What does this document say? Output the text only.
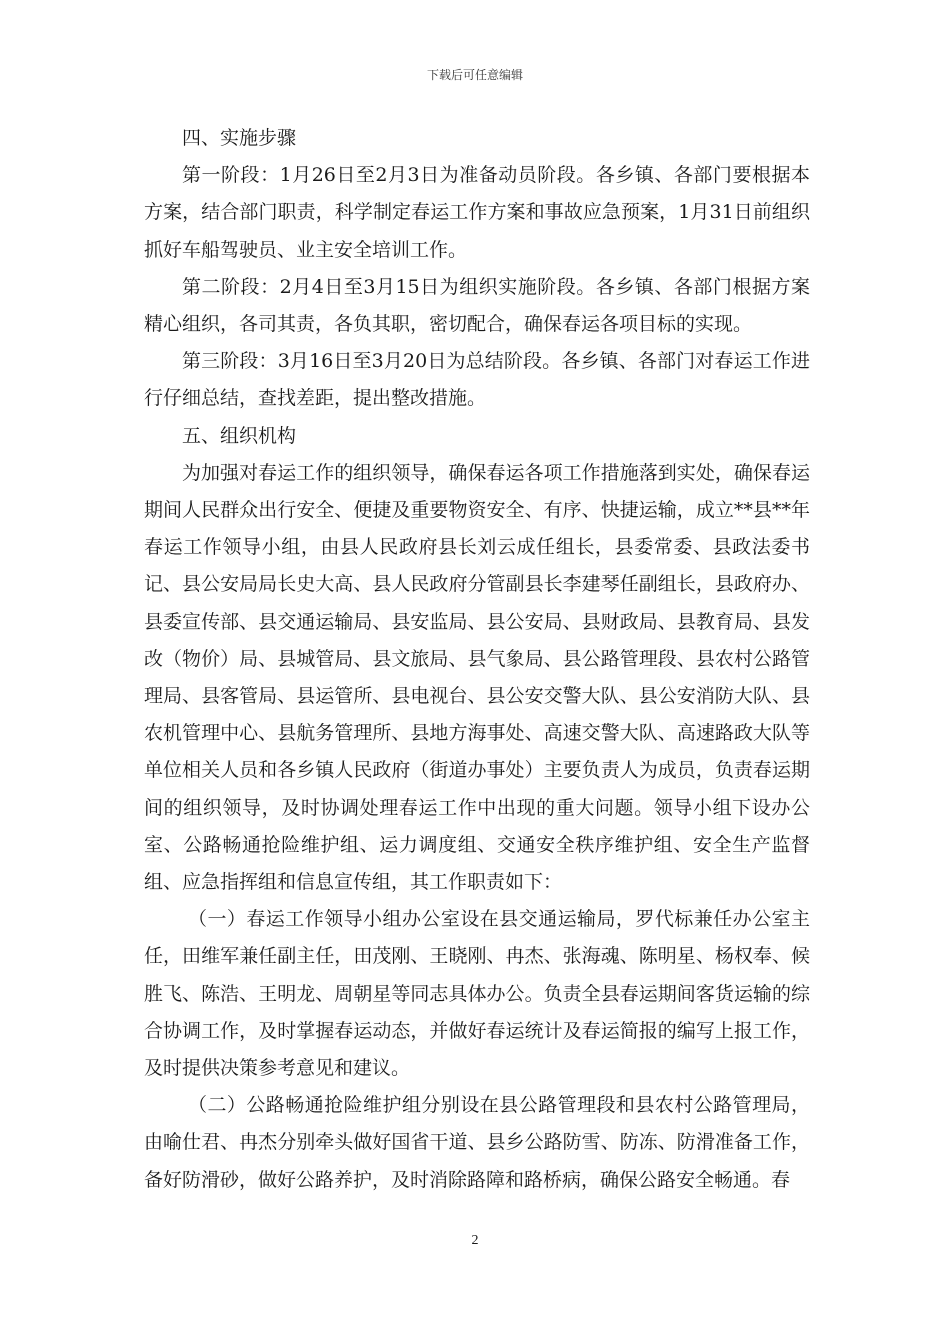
下载后可任意编辑

四、实施步骤

第一阶段：1月26日至2月3日为准备动员阶段。各乡镇、各部门要根据本方案，结合部门职责，科学制定春运工作方案和事故应急预案，1月31日前组织抓好车船驾驶员、业主安全培训工作。

第二阶段：2月4日至3月15日为组织实施阶段。各乡镇、各部门根据方案精心组织，各司其责，各负其职，密切配合，确保春运各项目标的实现。

第三阶段：3月16日至3月20日为总结阶段。各乡镇、各部门对春运工作进行仔细总结，查找差距，提出整改措施。

五、组织机构

为加强对春运工作的组织领导，确保春运各项工作措施落到实处，确保春运期间人民群众出行安全、便捷及重要物资安全、有序、快捷运输，成立**县**年春运工作领导小组，由县人民政府县长刘云成任组长，县委常委、县政法委书记、县公安局局长史大高、县人民政府分管副县长李建琴任副组长，县政府办、县委宣传部、县交通运输局、县安监局、县公安局、县财政局、县教育局、县发改（物价）局、县城管局、县文旅局、县气象局、县公路管理段、县农村公路管理局、县客管局、县运管所、县电视台、县公安交警大队、县公安消防大队、县农机管理中心、县航务管理所、县地方海事处、高速交警大队、高速路政大队等单位相关人员和各乡镇人民政府（街道办事处）主要负责人为成员，负责春运期间的组织领导，及时协调处理春运工作中出现的重大问题。领导小组下设办公室、公路畅通抢险维护组、运力调度组、交通安全秩序维护组、安全生产监督组、应急指挥组和信息宣传组，其工作职责如下：

（一）春运工作领导小组办公室设在县交通运输局，罗代标兼任办公室主任，田维军兼任副主任，田茂刚、王晓刚、冉杰、张海魂、陈明星、杨权奉、候胜飞、陈浩、王明龙、周朝星等同志具体办公。负责全县春运期间客货运输的综合协调工作，及时掌握春运动态，并做好春运统计及春运简报的编写上报工作，及时提供决策参考意见和建议。

（二）公路畅通抢险维护组分别设在县公路管理段和县农村公路管理局，由喻仕君、冉杰分别牵头做好国省干道、县乡公路防雪、防冻、防滑准备工作，备好防滑砂，做好公路养护，及时消除路障和路桥病，确保公路安全畅通。春

2
